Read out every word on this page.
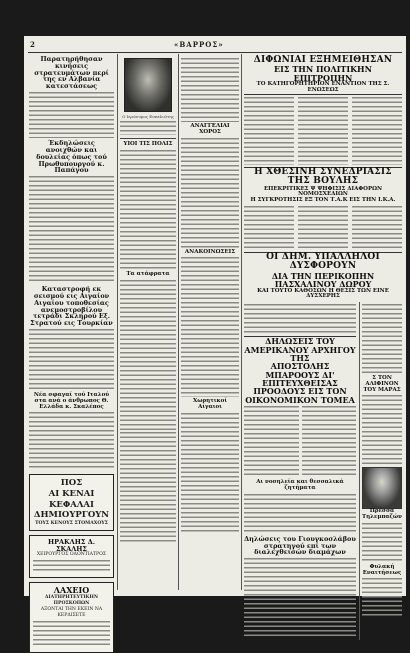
2	«ΒΑΡΡΟΣ»
Παρατηρήθησαν κινήσεις στρατευμάτων περί της εν Αλβανία κατεστάσεως
Έκδηλώσεις ανοιχθών και δουλείας όπως τού Πρωθυπουργού κ. Παπάγου
Καταστροφή εκ σεισμού εις Αιγαίον Αιγαίου τοποθεσίας ανεμοστροβίλου τετράδι Σκληρού Εξ. Στρατού εις Τουρκίαν
Νέα σφαγαί τού Ιταλού στα ανά ο άνθρωπος Θ. Ελλάδα κ. Σκαλέπος
ΠΟΣ
ΑΙ ΚΕΝΑΙ ΚΕΦΑΛΑΙ
ΔΗΜΙΟΥΡΓΟΥΝ
ΤΟΥΣ ΚΕΝΟΥΣ ΣΤΟΜΑΧΟΥΣ
ΗΡΑΚΛΗΣ Δ. ΣΚΑΛΗΣ
ΧΕΙΡΟΥΡΓΟΣ ΟΔΟΝΤΙΑΤΡΟΣ
ΛΑΧΕΙΟ
ΔΙΑΤΗΡΗΤΕΥΤΙΚΗΝ ΠΡΟΣΚΟΠΩΝ
ΑΞΟΝΤΑΙ ΤΗΝ ΕΚΕΙΝ ΝΑ ΚΕΡΔΙΣΕΤΕ
Ο Ιερώνυμος Εσπελιώτης
ΥΙΟΙ ΤΙΣ ΠΟΛΙΣ
Τα ατάφρατα
ΑΝΑΓΓΕΛΙΑΙ ΧΟΡΟΣ
ΑΝΑΚΟΙΝΩΣΕΙΣ
Χωρητικοί Αίγαιοι
ΔΙΦΩΝΙΑΙ ΕΞΗΜΕΙΘΗΣΑΝ
ΕΙΣ ΤΗΝ ΠΟΛΙΤΙΚΗΝ ΕΠΙΤΡΟΠΗΝ
ΤΟ ΚΑΤΗΓΟΡΗΤΗΡΙΟΝ ΕΝΑΝΤΙΟΝ ΤΗΣ Σ. ΕΝΩΣΕΩΣ
Η ΧΘΕΣΙΝΗ ΣΥΝΕΔΡΙΑΣΙΣ ΤΗΣ ΒΟΥΛΗΣ
ΕΠΕΚΡΙΤΙΚΕΣ Ψ ΨΗΦΙΣΙΣ ΔΙΑΦΟΡΩΝ ΝΟΜΟΣΧΕΔΙΩΝ
Η ΣΥΓΚΡΟΤΗΣΙΣ ΕΞ ΤΟΝ Τ.Α.Κ ΕΙΣ ΤΗΝ Ι.Κ.Α.
ΟΙ ΔΗΜ. ΥΠΑΛΛΗΛΟΙ ΔΥΣΦΟΡΟΥΝ
ΔΙΑ ΤΗΝ ΠΕΡΙΚΟΠΗΝ ΠΑΣΧΑΛΙΝΟΥ ΔΩΡΟΥ
ΚΑΙ ΤΟΥΤΟ ΚΑΘΟΣΩΝ Η ΘΕΣΙΣ ΤΩΝ ΕΙΝΕ ΔΥΣΧΕΡΗΣ
ΔΗΛΩΣΕΙΣ ΤΟΥ ΑΜΕΡΙΚΑΝΟΥ ΑΡΧΗΓΟΥ ΤΗΣ
ΑΠΟΣΤΟΛΗΣ ΜΠΑΡΟΟΥΣ ΔΙ' ΕΠΙΤΕΥΧΘΕΙΣΑΣ
ΠΡΟΟΔΟΥΣ ΕΙΣ ΤΟΝ ΟΙΚΟΝΟΜΙΚΟΝ ΤΟΜΕΑ
Αι νοσηλεία και θεσσαλικά ζητήματα
Δηλώσεις του Γιουγκοσλάβου στρατηγού επί των διαλεχθεισών διαμάχων
Σ ΤΟΝ ΑΛΙΦΙΝΟΝ ΤΟΥ ΜΑΡΑΣ
Πρέσσα Τηλεμπαζών
Φυλακή Εναιτήσεως
